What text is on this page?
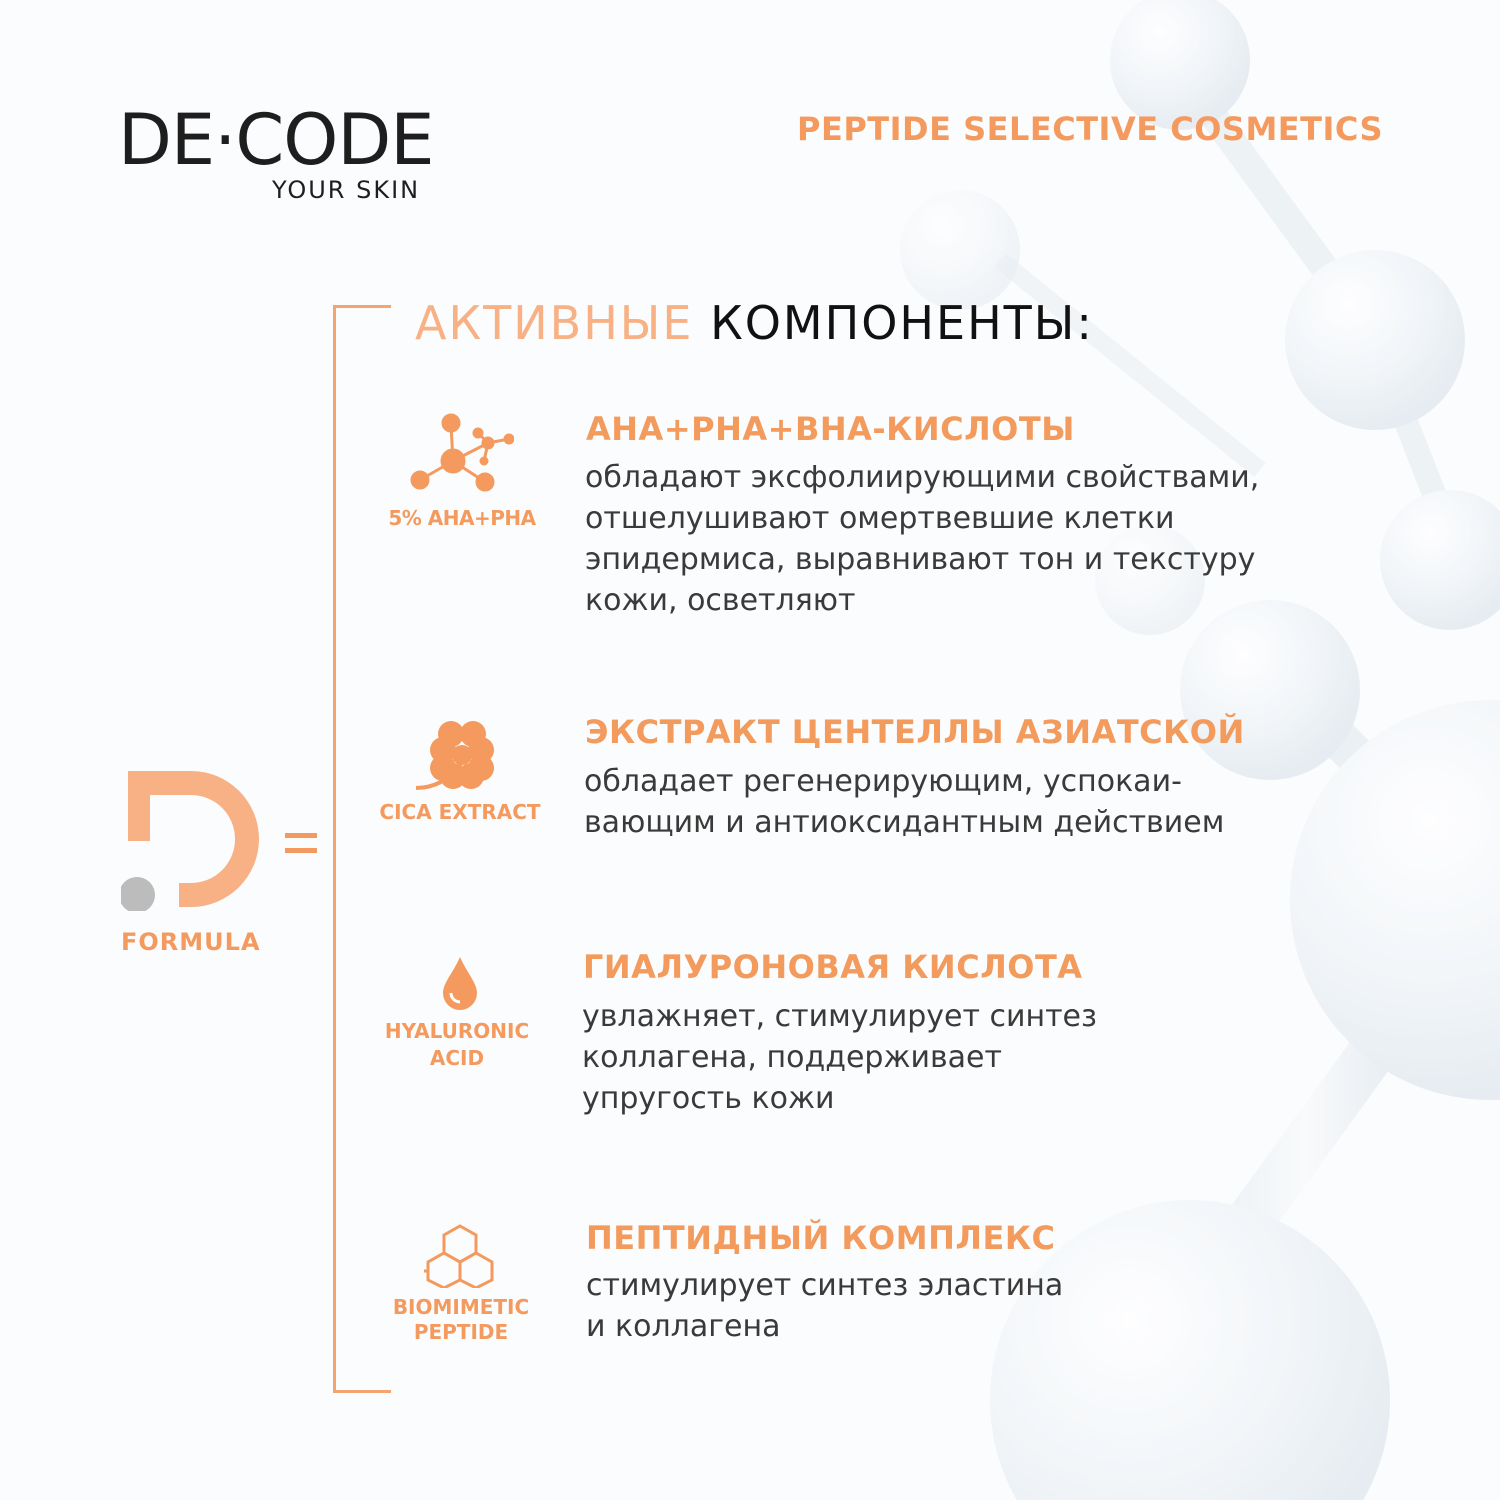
DE·CODE
YOUR SKIN
PEPTIDE SELECTIVE COSMETICS
АКТИВНЫЕ КОМПОНЕНТЫ:
FORMULA
5% AHA+PHA
АНА+РНА+ВНА-КИСЛОТЫ
обладают эксфолиирующими свойствами,
отшелушивают омертвевшие клетки
эпидермиса, выравнивают тон и текстуру
кожи, осветляют
CICA EXTRACT
ЭКСТРАКТ ЦЕНТЕЛЛЫ АЗИАТСКОЙ
обладает регенерирующим, успокаи-
вающим и антиоксидантным действием
HYALURONIC
ACID
ГИАЛУРОНОВАЯ КИСЛОТА
увлажняет, стимулирует синтез
коллагена, поддерживает
упругость кожи
BIOMIMETIC
PEPTIDE
ПЕПТИДНЫЙ КОМПЛЕКС
стимулирует синтез эластина
и коллагена
